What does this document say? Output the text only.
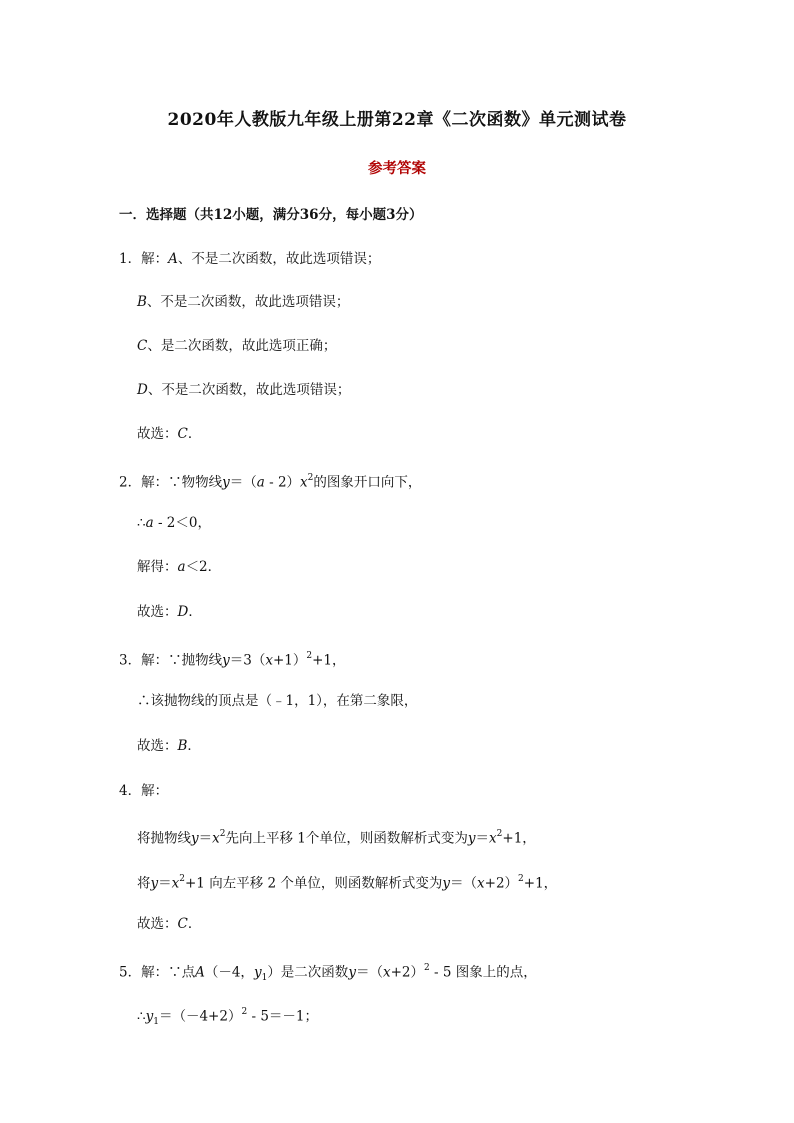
2020年人教版九年级上册第22章《二次函数》单元测试卷
参考答案
一．选择题（共12小题，满分36分，每小题3分）
1．解：A、不是二次函数，故此选项错误；
B、不是二次函数，故此选项错误；
C、是二次函数，故此选项正确；
D、不是二次函数，故此选项错误；
故选：C．
2．解：∵物物线$y=(a - 2)x^2$的图象开口向下，
∴a - 2＜0，
解得：a＜2．
故选：D．
3．解：∵抛物线$y=3(x+1)^2+1$，
∴该抛物线的顶点是（﹣1，1），在第二象限，
故选：B．
4．解：
将抛物线$y=x^2$先向上平移 1个单位，则函数解析式变为$y=x^2+1$，
将$y=x^2+1$ 向左平移 2 个单位，则函数解析式变为$y=(x+2)^2+1$，
故选：C．
5．解：∵点A（－4，$y_1$）是二次函数$y=(x+2)^2 - 5$ 图象上的点，
$\therefore y_1=(-4+2)^2 - 5=-1$；
